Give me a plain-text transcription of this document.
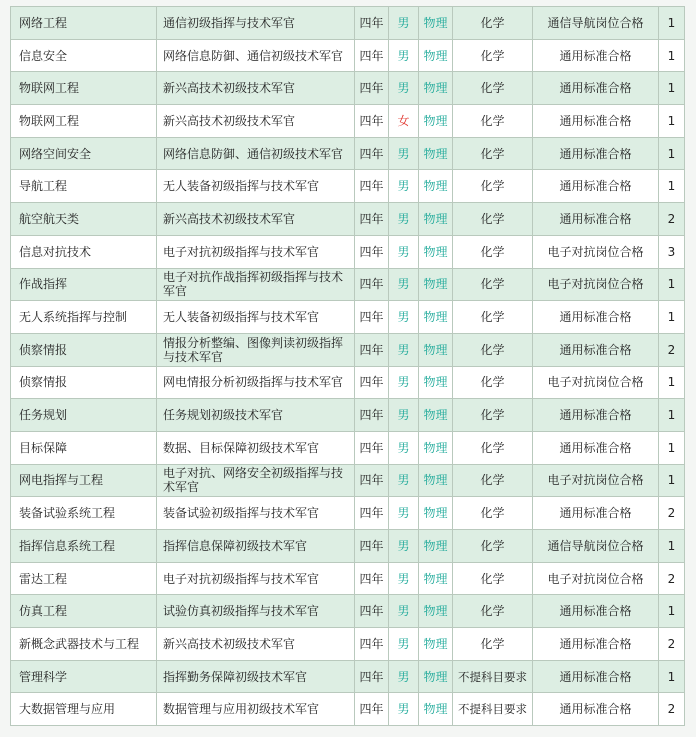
网络工程	通信初级指挥与技术军官	四年	男	物理	化学	通信导航岗位合格	1
信息安全	网络信息防御、通信初级技术军官	四年	男	物理	化学	通用标准合格	1
物联网工程	新兴高技术初级技术军官	四年	男	物理	化学	通用标准合格	1
物联网工程	新兴高技术初级技术军官	四年	女	物理	化学	通用标准合格	1
网络空间安全	网络信息防御、通信初级技术军官	四年	男	物理	化学	通用标准合格	1
导航工程	无人装备初级指挥与技术军官	四年	男	物理	化学	通用标准合格	1
航空航天类	新兴高技术初级技术军官	四年	男	物理	化学	通用标准合格	2
信息对抗技术	电子对抗初级指挥与技术军官	四年	男	物理	化学	电子对抗岗位合格	3
作战指挥	电子对抗作战指挥初级指挥与技术军官	四年	男	物理	化学	电子对抗岗位合格	1
无人系统指挥与控制	无人装备初级指挥与技术军官	四年	男	物理	化学	通用标准合格	1
侦察情报	情报分析整编、图像判读初级指挥与技术军官	四年	男	物理	化学	通用标准合格	2
侦察情报	网电情报分析初级指挥与技术军官	四年	男	物理	化学	电子对抗岗位合格	1
任务规划	任务规划初级技术军官	四年	男	物理	化学	通用标准合格	1
目标保障	数据、目标保障初级技术军官	四年	男	物理	化学	通用标准合格	1
网电指挥与工程	电子对抗、网络安全初级指挥与技术军官	四年	男	物理	化学	电子对抗岗位合格	1
装备试验系统工程	装备试验初级指挥与技术军官	四年	男	物理	化学	通用标准合格	2
指挥信息系统工程	指挥信息保障初级技术军官	四年	男	物理	化学	通信导航岗位合格	1
雷达工程	电子对抗初级指挥与技术军官	四年	男	物理	化学	电子对抗岗位合格	2
仿真工程	试验仿真初级指挥与技术军官	四年	男	物理	化学	通用标准合格	1
新概念武器技术与工程	新兴高技术初级技术军官	四年	男	物理	化学	通用标准合格	2
管理科学	指挥勤务保障初级技术军官	四年	男	物理	不提科目要求	通用标准合格	1
大数据管理与应用	数据管理与应用初级技术军官	四年	男	物理	不提科目要求	通用标准合格	2
